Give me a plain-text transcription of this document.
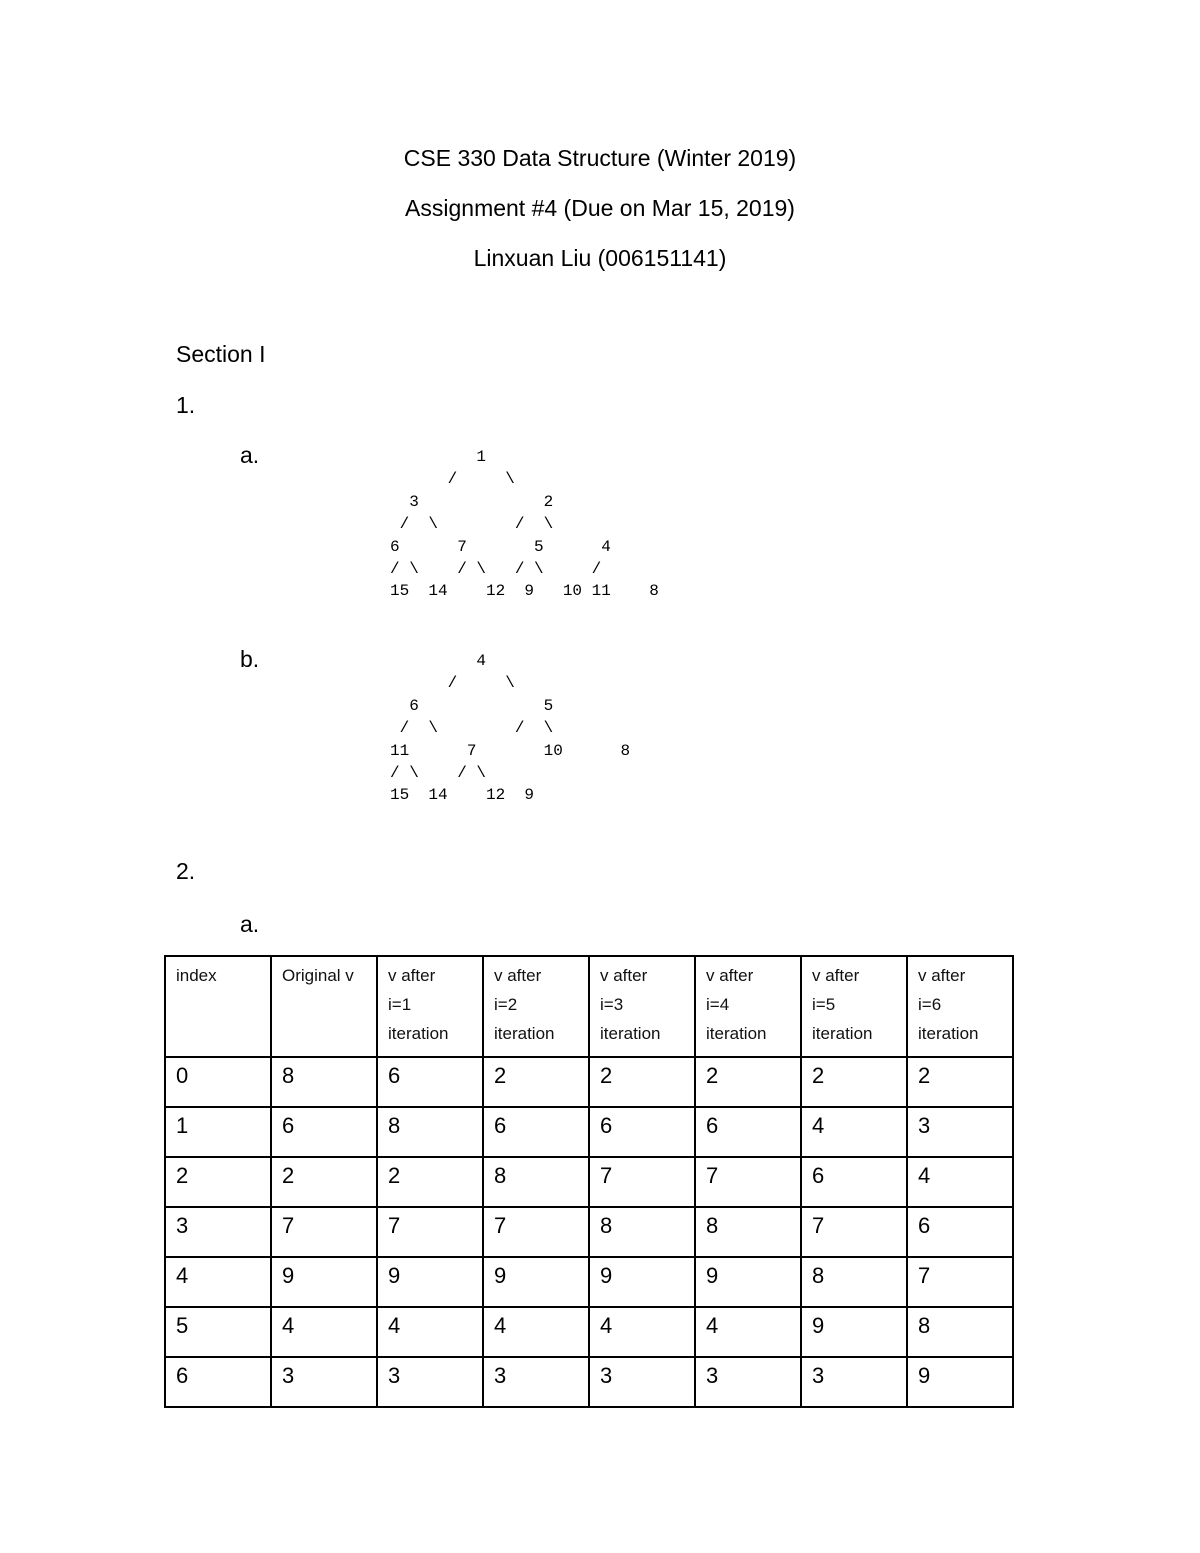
CSE 330 Data Structure (Winter 2019)
Assignment #4 (Due on Mar 15, 2019)
Linxuan Liu (006151141)
Section I
1.
a.	1
/     \
3             2
/  \        /  \
6      7       5      4
/ \    / \   / \     /
15  14    12  9   10 11    8
b.	4
/     \
6             5
/  \        /  \
11      7       10      8
/ \    / \
15  14    12  9
2.
a.
index	Original v	v after
i=1
iteration	v after
i=2
iteration	v after
i=3
iteration	v after
i=4
iteration	v after
i=5
iteration	v after
i=6
iteration

0	8	6	2	2	2	2	2
1	6	8	6	6	6	4	3
2	2	2	8	7	7	6	4
3	7	7	7	8	8	7	6
4	9	9	9	9	9	8	7
5	4	4	4	4	4	9	8
6	3	3	3	3	3	3	9
